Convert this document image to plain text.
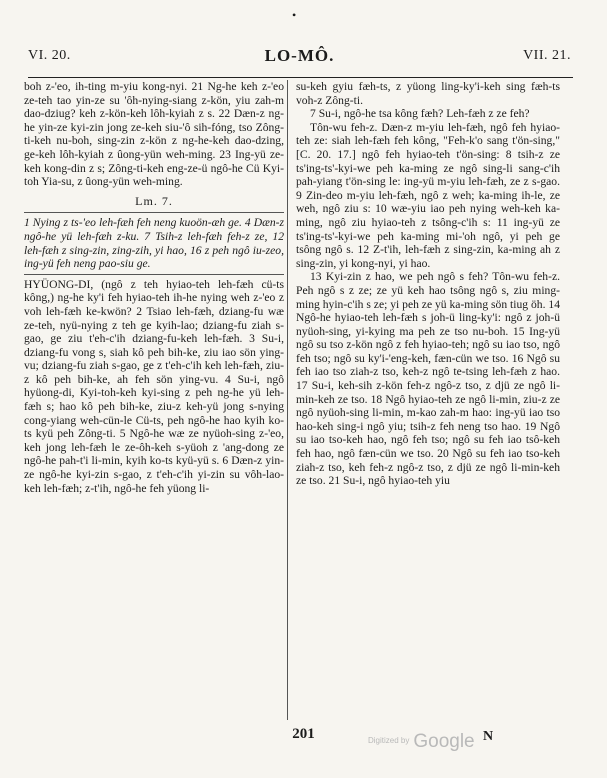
•
VI. 20.	LO-MÔ.	VII. 21.

boh z-'eo, ih-ting m-yiu kong-nyi. 21 Ng-he keh z-'eo ze-teh tao yin-ze su 'ôh-nying-siang z-kön, yiu zah-m dao-dziug? keh z-kön-keh lôh-kyiah z s. 22 Dæn-z ng-he yin-ze kyi-zin jong ze-keh siu-'ô sih-fóng, tso Zông-ti-keh nu-boh, sing-zin z-kön z ng-he-keh dao-dzing, ge-keh lôh-kyiah z ûong-yün weh-ming. 23 Ing-yü ze-keh kong-din z s; Zông-ti-keh eng-ze-ü ngô-he Cü Kyi-toh Yia-su, z ûong-yün weh-ming.

Lm. 7.

1 Nying z ts-'eo leh-fæh feh neng kuoön-æh ge. 4 Dæn-z ngô-he yü leh-fæh z-ku. 7 Tsih-z leh-fæh feh-z ze, 12 leh-fæh z sing-zin, zing-zih, yi hao, 16 z peh ngô iu-zeo, ing-yü feh neng pao-siu ge.

HYÜONG-DI, (ngô z teh hyiao-teh leh-fæh cü-ts kông,) ng-he ky'i feh hyiao-teh ih-he nying weh z-'eo z voh leh-fæh ke-kwön? 2 Tsiao leh-fæh, dziang-fu wæ ze-teh, nyü-nying z teh ge kyih-lao; dziang-fu ziah s-gao, ge ziu t'eh-c'ih dziang-fu-keh leh-fæh. 3 Su-i, dziang-fu vong s, siah kô peh bih-ke, ziu iao sön ying-vu; dziang-fu ziah s-gao, ge z t'eh-c'ih keh leh-fæh, ziu-z kô peh bih-ke, ah feh sön ying-vu. 4 Su-i, ngô hyüong-di, Kyi-toh-keh kyi-sing z peh ng-he yü leh-fæh s; hao kô peh bih-ke, ziu-z keh-yü jong s-nying cong-yiang weh-cün-le Cü-ts, peh ngô-he hao kyih ko-ts kyü peh Zông-ti. 5 Ngô-he wæ ze nyüoh-sing z-'eo, keh jong leh-fæh le ze-ôh-keh s-yüoh z 'ang-dong ze ngô-he pah-t'i li-min, kyih ko-ts kyü-yü s. 6 Dæn-z yin-ze ngô-he kyi-zin s-gao, z t'eh-c'ih yi-zin su vôh-lao-keh leh-fæh; z-t'ih, ngô-he feh yüong li-

su-keh gyiu fæh-ts, z yüong ling-ky'i-keh sing fæh-ts voh-z Zông-ti.

7 Su-i, ngô-he tsa kông fæh? Leh-fæh z ze feh?

Tôn-wu feh-z. Dæn-z m-yiu leh-fæh, ngô feh hyiao-teh ze: siah leh-fæh feh kông, "Feh-k'o sang t'ön-sing," [C. 20. 17.] ngô feh hyiao-teh t'ön-sing: 8 tsih-z ze ts'ing-ts'-kyi-we peh ka-ming ze ngô sing-li sang-c'ih pah-yiang t'ön-sing le: ing-yü m-yiu leh-fæh, ze z s-gao. 9 Zin-deo m-yiu leh-fæh, ngô z weh; ka-ming ih-le, ze weh, ngô ziu s: 10 wæ-yiu iao peh nying weh-keh ka-ming, ngô ziu hyiao-teh z tsông-c'ih s: 11 ing-yü ze ts'ing-ts'-kyi-we peh ka-ming mi-'oh ngô, yi peh ge tsông ngô s. 12 Z-t'ih, leh-fæh z sing-zin, ka-ming ah z sing-zin, yi kong-nyi, yi hao.

13 Kyi-zin z hao, we peh ngô s feh? Tôn-wu feh-z. Peh ngô s z ze; ze yü keh hao tsông ngô s, ziu ming-ming hyin-c'ih s ze; yi peh ze yü ka-ming sön tiug öh. 14 Ngô-he hyiao-teh leh-fæh s joh-ü ling-ky'i: ngô z joh-ü nyüoh-sing, yi-kying ma peh ze tso nu-boh. 15 Ing-yü ngô su tso z-kön ngô z feh hyiao-teh; ngô su iao tso, ngô feh tso; ngô su ky'i-'eng-keh, fæn-cün we tso. 16 Ngô su feh iao tso ziah-z tso, keh-z ngô te-tsing leh-fæh z hao. 17 Su-i, keh-sih z-kön feh-z ngô-z tso, z djü ze ngô li-min-keh ze tso. 18 Ngô hyiao-teh ze ngô li-min, ziu-z ze ngô nyüoh-sing li-min, m-kao zah-m hao: ing-yü iao tso hao-keh sing-i ngô yiu; tsih-z feh neng tso hao. 19 Ngô su iao tso-keh hao, ngô feh tso; ngô su feh iao tsô-keh feh hao, ngô fæn-cün we tso. 20 Ngô su feh iao tso-keh ziah-z tso, keh feh-z ngô-z tso, z djü ze ngô li-min-keh ze tso. 21 Su-i, ngô hyiao-teh yiu

201	$^{Digitized by}$ Google N
